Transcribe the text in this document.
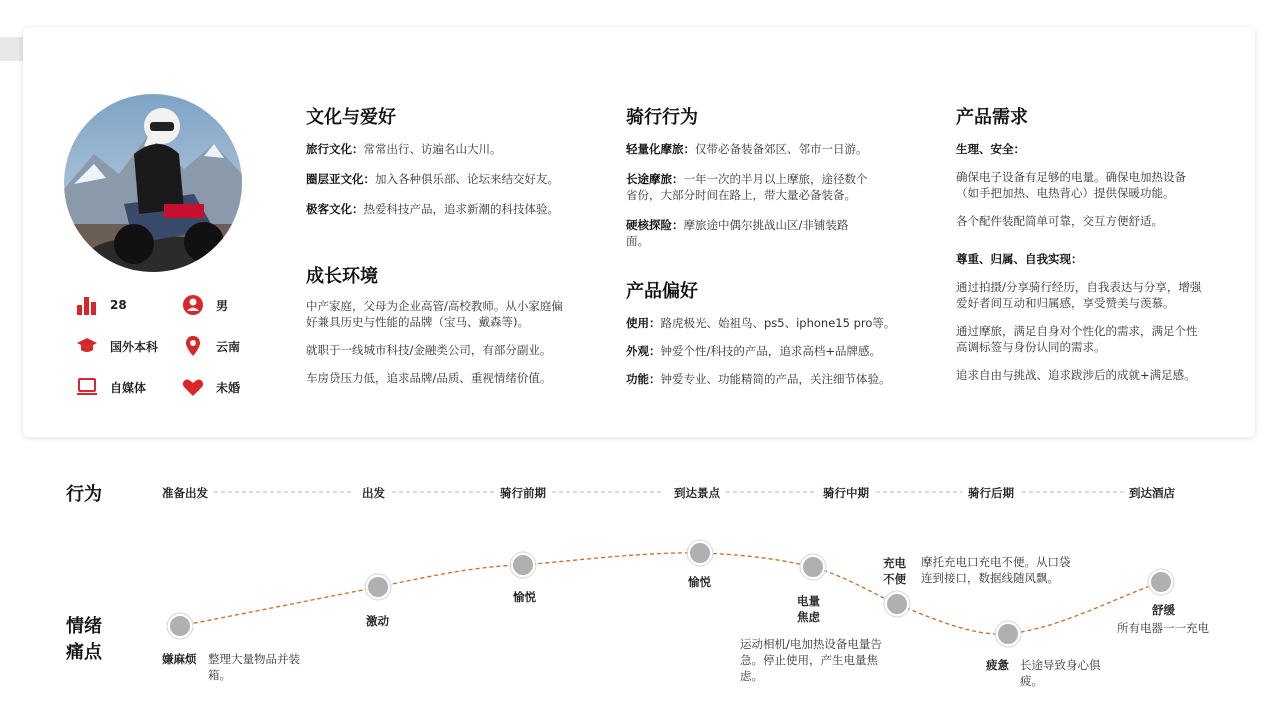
28	男
国外本科	云南
自媒体	未婚
文化与爱好

旅行文化：常常出行、访遍名山大川。

圈层亚文化：加入各种俱乐部、论坛来结交好友。

极客文化：热爱科技产品，追求新潮的科技体验。

成长环境

中产家庭，父母为企业高管/高校教师。从小家庭偏好兼具历史与性能的品牌（宝马、戴森等)。

就职于一线城市科技/金融类公司，有部分副业。

车房贷压力低，追求品牌/品质、重视情绪价值。

骑行行为

轻量化摩旅：仅带必备装备郊区、邻市一日游。

长途摩旅：一年一次的半月以上摩旅，途径数个省份，大部分时间在路上，带大量必备装备。

硬核探险：摩旅途中偶尔挑战山区/非铺装路面。

产品偏好

使用：路虎极光、始祖鸟、ps5、iphone15 pro等。

外观：钟爱个性/科技的产品，追求高档+品牌感。

功能：钟爱专业、功能精简的产品，关注细节体验。

产品需求

生理、安全：

确保电子设备有足够的电量。确保电加热设备（如手把加热、电热背心）提供保暖功能。

各个配件装配简单可靠，交互方便舒适。

尊重、归属、自我实现：

通过拍摄/分享骑行经历，自我表达与分享，增强爱好者间互动和归属感，享受赞美与羡慕。

通过摩旅，满足自身对个性化的需求，满足个性高调标签与身份认同的需求。

追求自由与挑战、追求跋涉后的成就+满足感。

行为
情绪
痛点
准备出发	出发	骑行前期	到达景点	骑行中期	骑行后期	到达酒店
嫌麻烦 整理大量物品并装箱。
激动
愉悦
愉悦
电量
焦虑
运动相机/电加热设备电量告急。停止使用，产生电量焦虑。
充电
不便
摩托充电口充电不便。从口袋连到接口，数据线随风飘。
疲惫 长途导致身心俱疲。
舒缓
所有电器一一充电
